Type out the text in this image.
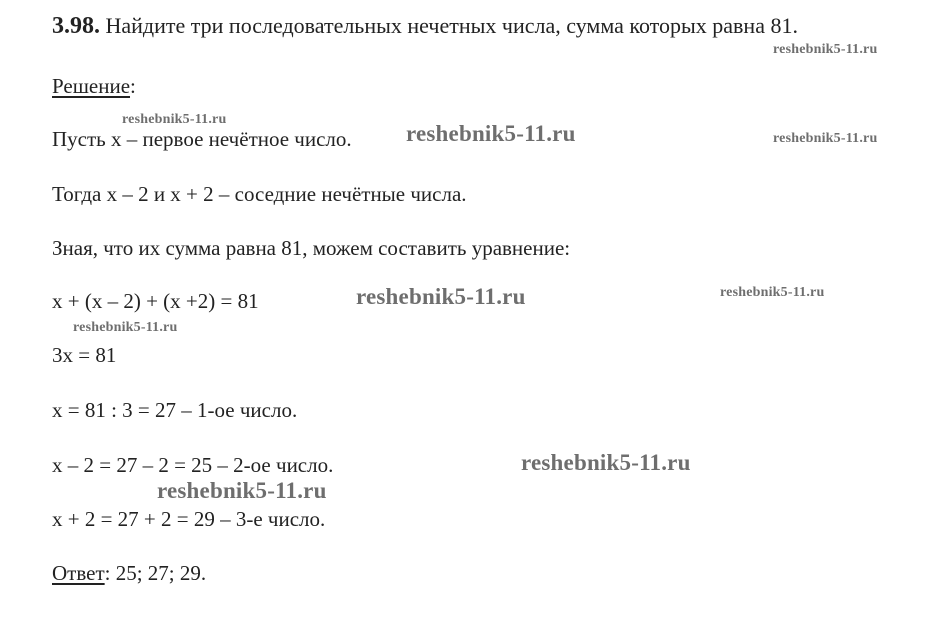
3.98. Найдите три последовательных нечетных числа, сумма которых равна 81.
Решение:
Пусть x – первое нечётное число.
Тогда x – 2 и x + 2 – соседние нечётные числа.
Зная, что их сумма равна 81, можем составить уравнение:
x + (x – 2) + (x +2) = 81
3x = 81
x = 81 : 3 = 27 – 1-ое число.
x – 2 = 27 – 2 = 25 – 2-ое число.
x + 2 = 27 + 2 = 29 – 3-е число.
Ответ: 25; 27; 29.
reshebnik5-11.ru
reshebnik5-11.ru
reshebnik5-11.ru	reshebnik5-11.ru
reshebnik5-11.ru	reshebnik5-11.ru
reshebnik5-11.ru
reshebnik5-11.ru
reshebnik5-11.ru
